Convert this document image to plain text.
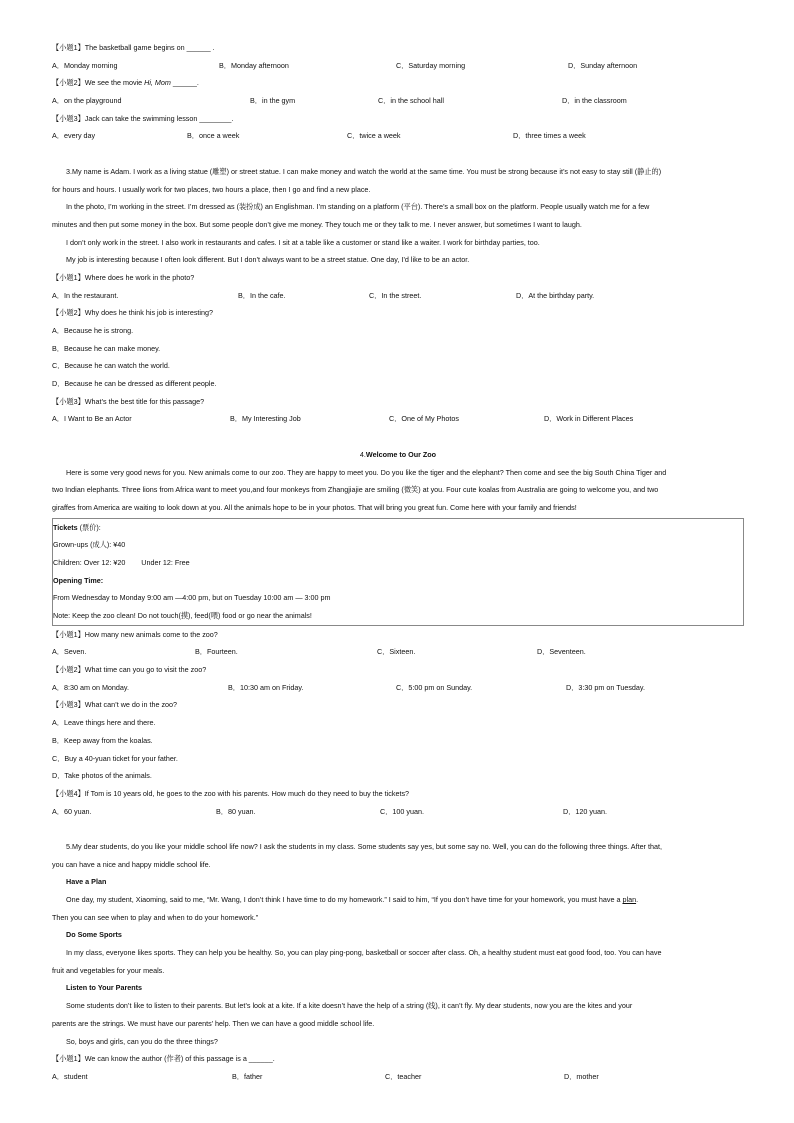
【小题1】The basketball game begins on ______ .
A．Monday morning	B．Monday afternoon	C．Saturday morning	D．Sunday afternoon
【小题2】We see the movie Hi, Mom ______.
A．on the playground	B．in the gym	C．in the school hall	D．in the classroom
【小题3】Jack can take the swimming lesson ________.
A．every day	B．once a week	C．twice a week	D．three times a week
3.My name is Adam. I work as a living statue (雕塑) or street statue. I can make money and watch the world at the same time. You must be strong because it’s not easy to stay still (静止的)
for hours and hours. I usually work for two places, two hours a place, then I go and find a new place.
In the photo, I’m working in the street. I’m dressed as (装扮成) an Englishman. I’m standing on a platform (平台). There’s a small box on the platform. People usually watch me for a few
minutes and then put some money in the box. But some people don’t give me money. They touch me or they talk to me. I never answer, but sometimes I want to laugh.
I don’t only work in the street. I also work in restaurants and cafes. I sit at a table like a customer or stand like a waiter. I work for birthday parties, too.
My job is interesting because I often look different. But I don’t always want to be a street statue. One day, I’d like to be an actor.
【小题1】Where does he work in the photo?
A．In the restaurant.	B．In the cafe.	C．In the street.	D．At the birthday party.
【小题2】Why does he think his job is interesting?
A．Because he is strong.
B．Because he can make money.
C．Because he can watch the world.
D．Because he can be dressed as different people.
【小题3】What’s the best title for this passage?
A．I Want to Be an Actor	B．My Interesting Job	C．One of My Photos	D．Work in Different Places
4.Welcome to Our Zoo
Here is some very good news for you. New animals come to our zoo. They are happy to meet you. Do you like the tiger and the elephant? Then come and see the big South China Tiger and
two Indian elephants. Three lions from Africa want to meet you,and four monkeys from Zhangjiajie are smiling (微笑) at you. Four cute koalas from Australia are going to welcome you, and two
giraffes from America are waiting to look down at you. All the animals hope to be in your photos. That will bring you great fun. Come here with your family and friends!
Tickets (票价):
Grown-ups (成人): ¥40
Children: Over 12: ¥20        Under 12: Free
Opening Time:
From Wednesday to Monday 9:00 am —4:00 pm, but on Tuesday 10:00 am — 3:00 pm
Note: Keep the zoo clean! Do not touch(摸), feed(喂) food or go near the animals!
【小题1】How many new animals come to the zoo?
A．Seven.	B．Fourteen.	C．Sixteen.	D．Seventeen.
【小题2】What time can you go to visit the zoo?
A．8:30 am on Monday.	B．10:30 am on Friday.	C．5:00 pm on Sunday.	D．3:30 pm on Tuesday.
【小题3】What can’t we do in the zoo?
A．Leave things here and there.
B．Keep away from the koalas.
C．Buy a 40-yuan ticket for your father.
D．Take photos of the animals.
【小题4】If Tom is 10 years old, he goes to the zoo with his parents. How much do they need to buy the tickets?
A．60 yuan.	B．80 yuan.	C．100 yuan.	D．120 yuan.
5.My dear students, do you like your middle school life now? I ask the students in my class. Some students say yes, but some say no. Well, you can do the following three things. After that,
you can have a nice and happy middle school life.
Have a Plan
One day, my student, Xiaoming, said to me, “Mr. Wang, I don’t think I have time to do my homework.” I said to him, “If you don’t have time for your homework, you must have a plan.
Then you can see when to play and when to do your homework.”
Do Some Sports
In my class, everyone likes sports. They can help you be healthy. So, you can play ping-pong, basketball or soccer after class. Oh, a healthy student must eat good food, too. You can have
fruit and vegetables for your meals.
Listen to Your Parents
Some students don’t like to listen to their parents. But let’s look at a kite. If a kite doesn’t have the help of a string (线), it can’t fly. My dear students, now you are the kites and your
parents are the strings. We must have our parents’ help. Then we can have a good middle school life.
So, boys and girls, can you do the three things?
【小题1】We can know the author (作者) of this passage is a ______.
A．student	B．father	C．teacher	D．mother
